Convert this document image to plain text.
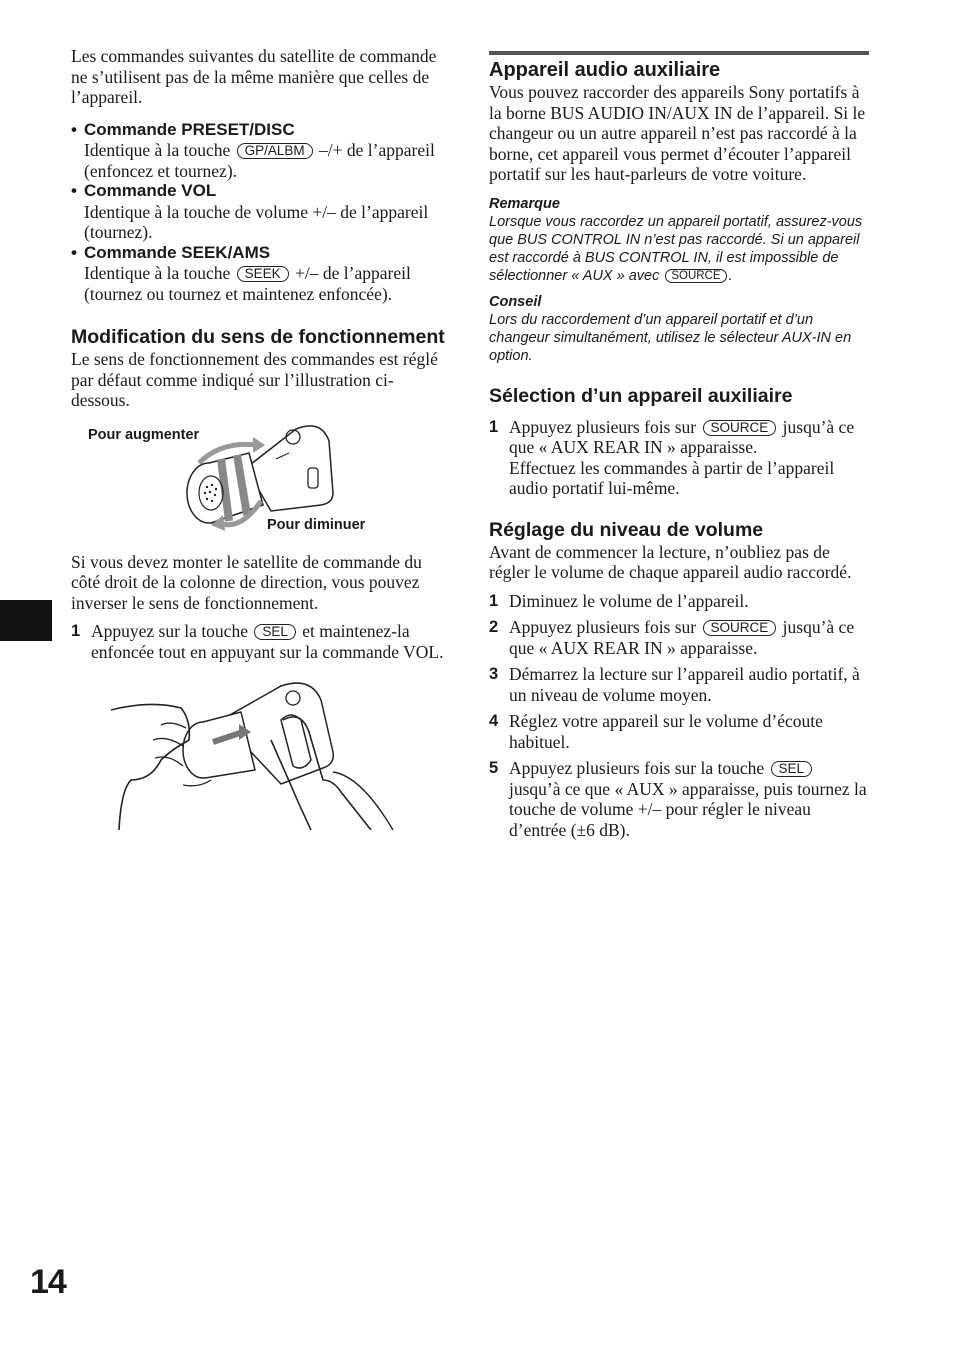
Les commandes suivantes du satellite de commande ne s’utilisent pas de la même manière que celles de l’appareil.

• Commande PRESET/DISC
Identique à la touche GP/ALBM –/+ de l’appareil (enfoncez et tournez).
• Commande VOL
Identique à la touche de volume +/– de l’appareil (tournez).
• Commande SEEK/AMS
Identique à la touche SEEK +/– de l’appareil (tournez ou tournez et maintenez enfoncée).
Modification du sens de fonctionnement

Le sens de fonctionnement des commandes est réglé par défaut comme indiqué sur l’illustration ci-dessous.

Pour augmenter
Pour diminuer

Si vous devez monter le satellite de commande du côté droit de la colonne de direction, vous pouvez inverser le sens de fonctionnement.

1 Appuyez sur la touche SEL et maintenez-la enfoncée tout en appuyant sur la commande VOL.
Appareil audio auxiliaire

Vous pouvez raccorder des appareils Sony portatifs à la borne BUS AUDIO IN/AUX IN de l’appareil. Si le changeur ou un autre appareil n’est pas raccordé à la borne, cet appareil vous permet d’écouter l’appareil portatif sur les haut-parleurs de votre voiture.

Remarque
Lorsque vous raccordez un appareil portatif, assurez-vous que BUS CONTROL IN n’est pas raccordé. Si un appareil est raccordé à BUS CONTROL IN, il est impossible de sélectionner « AUX » avec SOURCE .
Conseil
Lors du raccordement d’un appareil portatif et d’un changeur simultanément, utilisez le sélecteur AUX-IN en option.
Sélection d’un appareil auxiliaire
1 Appuyez plusieurs fois sur SOURCE jusqu’à ce que « AUX REAR IN » apparaisse.
Effectuez les commandes à partir de l’appareil audio portatif lui-même.
Réglage du niveau de volume

Avant de commencer la lecture, n’oubliez pas de régler le volume de chaque appareil audio raccordé.

1 Diminuez le volume de l’appareil.
2 Appuyez plusieurs fois sur SOURCE jusqu’à ce que « AUX REAR IN » apparaisse.
3 Démarrez la lecture sur l’appareil audio portatif, à un niveau de volume moyen.
4 Réglez votre appareil sur le volume d’écoute habituel.
5 Appuyez plusieurs fois sur la touche SEL jusqu’à ce que « AUX » apparaisse, puis tournez la touche de volume +/– pour régler le niveau d’entrée (±6 dB).
14
